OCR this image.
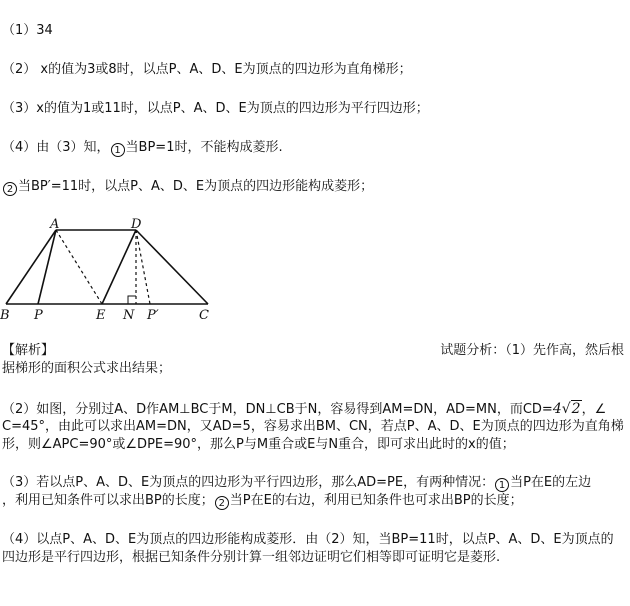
（1）34
（2） x的值为3或8时，以点P、A、D、E为顶点的四边形为直角梯形；
（3）x的值为1或11时，以点P、A、D、E为顶点的四边形为平行四边形；
（4）由（3）知， 1 当BP=1时，不能构成菱形.
2 当BP′=11时，以点P、A、D、E为顶点的四边形能构成菱形；
A	D
B P	E N P′	C
【解析】	试题分析：（1）先作高，然后根
据梯形的面积公式求出结果；
（2）如图，分别过A、D作AM⊥BC于M，DN⊥CB于N，容易得到AM=DN，AD=MN，而CD=4√2，∠
C=45°，由此可以求出AM=DN，又AD=5，容易求出BM、CN，若点P、A、D、E为顶点的四边形为直角梯
形，则∠APC=90°或∠DPE=90°，那么P与M重合或E与N重合，即可求出此时的x的值；
（3）若以点P、A、D、E为顶点的四边形为平行四边形，那么AD=PE，有两种情况： 1 当P在E的左边
，利用已知条件可以求出BP的长度； 2 当P在E的右边，利用已知条件也可求出BP的长度；
（4）以点P、A、D、E为顶点的四边形能构成菱形．由（2）知，当BP=11时，以点P、A、D、E为顶点的
四边形是平行四边形，根据已知条件分别计算一组邻边证明它们相等即可证明它是菱形.
